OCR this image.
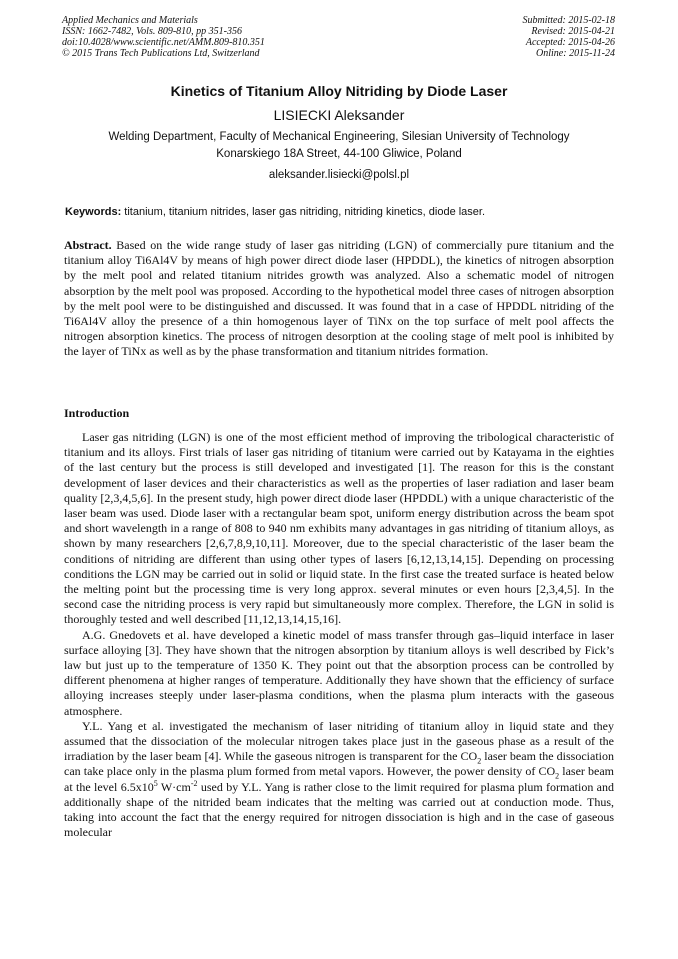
Applied Mechanics and Materials
ISSN: 1662-7482, Vols. 809-810, pp 351-356
doi:10.4028/www.scientific.net/AMM.809-810.351
© 2015 Trans Tech Publications Ltd, Switzerland
Submitted: 2015-02-18
Revised: 2015-04-21
Accepted: 2015-04-26
Online: 2015-11-24
Kinetics of Titanium Alloy Nitriding by Diode Laser
LISIECKI Aleksander
Welding Department, Faculty of Mechanical Engineering, Silesian University of Technology
Konarskiego 18A Street, 44-100 Gliwice, Poland
aleksander.lisiecki@polsl.pl
Keywords: titanium, titanium nitrides, laser gas nitriding, nitriding kinetics, diode laser.
Abstract. Based on the wide range study of laser gas nitriding (LGN) of commercially pure titanium and the titanium alloy Ti6Al4V by means of high power direct diode laser (HPDDL), the kinetics of nitrogen absorption by the melt pool and related titanium nitrides growth was analyzed. Also a schematic model of nitrogen absorption by the melt pool was proposed. According to the hypothetical model three cases of nitrogen absorption by the melt pool were to be distinguished and discussed. It was found that in a case of HPDDL nitriding of the Ti6Al4V alloy the presence of a thin homogenous layer of TiNx on the top surface of melt pool affects the nitrogen absorption kinetics. The process of nitrogen desorption at the cooling stage of melt pool is inhibited by the layer of TiNx as well as by the phase transformation and titanium nitrides formation.
Introduction

Laser gas nitriding (LGN) is one of the most efficient method of improving the tribological characteristic of titanium and its alloys. First trials of laser gas nitriding of titanium were carried out by Katayama in the eighties of the last century but the process is still developed and investigated [1]. The reason for this is the constant development of laser devices and their characteristics as well as the properties of laser radiation and laser beam quality [2,3,4,5,6]. In the present study, high power direct diode laser (HPDDL) with a unique characteristic of the laser beam was used. Diode laser with a rectangular beam spot, uniform energy distribution across the beam spot and short wavelength in a range of 808 to 940 nm exhibits many advantages in gas nitriding of titanium alloys, as shown by many researchers [2,6,7,8,9,10,11]. Moreover, due to the special characteristic of the laser beam the conditions of nitriding are different than using other types of lasers [6,12,13,14,15]. Depending on processing conditions the LGN may be carried out in solid or liquid state. In the first case the treated surface is heated below the melting point but the processing time is very long approx. several minutes or even hours [2,3,4,5]. In the second case the nitriding process is very rapid but simultaneously more complex. Therefore, the LGN in solid is thoroughly tested and well described [11,12,13,14,15,16].

A.G. Gnedovets et al. have developed a kinetic model of mass transfer through gas–liquid interface in laser surface alloying [3]. They have shown that the nitrogen absorption by titanium alloys is well described by Fick’s law but just up to the temperature of 1350 K. They point out that the absorption process can be controlled by different phenomena at higher ranges of temperature. Additionally they have shown that the efficiency of surface alloying increases steeply under laser-plasma conditions, when the plasma plum interacts with the gaseous atmosphere.

Y.L. Yang et al. investigated the mechanism of laser nitriding of titanium alloy in liquid state and they assumed that the dissociation of the molecular nitrogen takes place just in the gaseous phase as a result of the irradiation by the laser beam [4]. While the gaseous nitrogen is transparent for the $CO_2$ laser beam the dissociation can take place only in the plasma plum formed from metal vapors. However, the power density of $CO_2$ laser beam at the level $6.5x10^5$ $W\cdot cm^{-2}$ used by Y.L. Yang is rather close to the limit required for plasma plum formation and additionally shape of the nitrided beam indicates that the melting was carried out at conduction mode. Thus, taking into account the fact that the energy required for nitrogen dissociation is high and in the case of gaseous molecular
